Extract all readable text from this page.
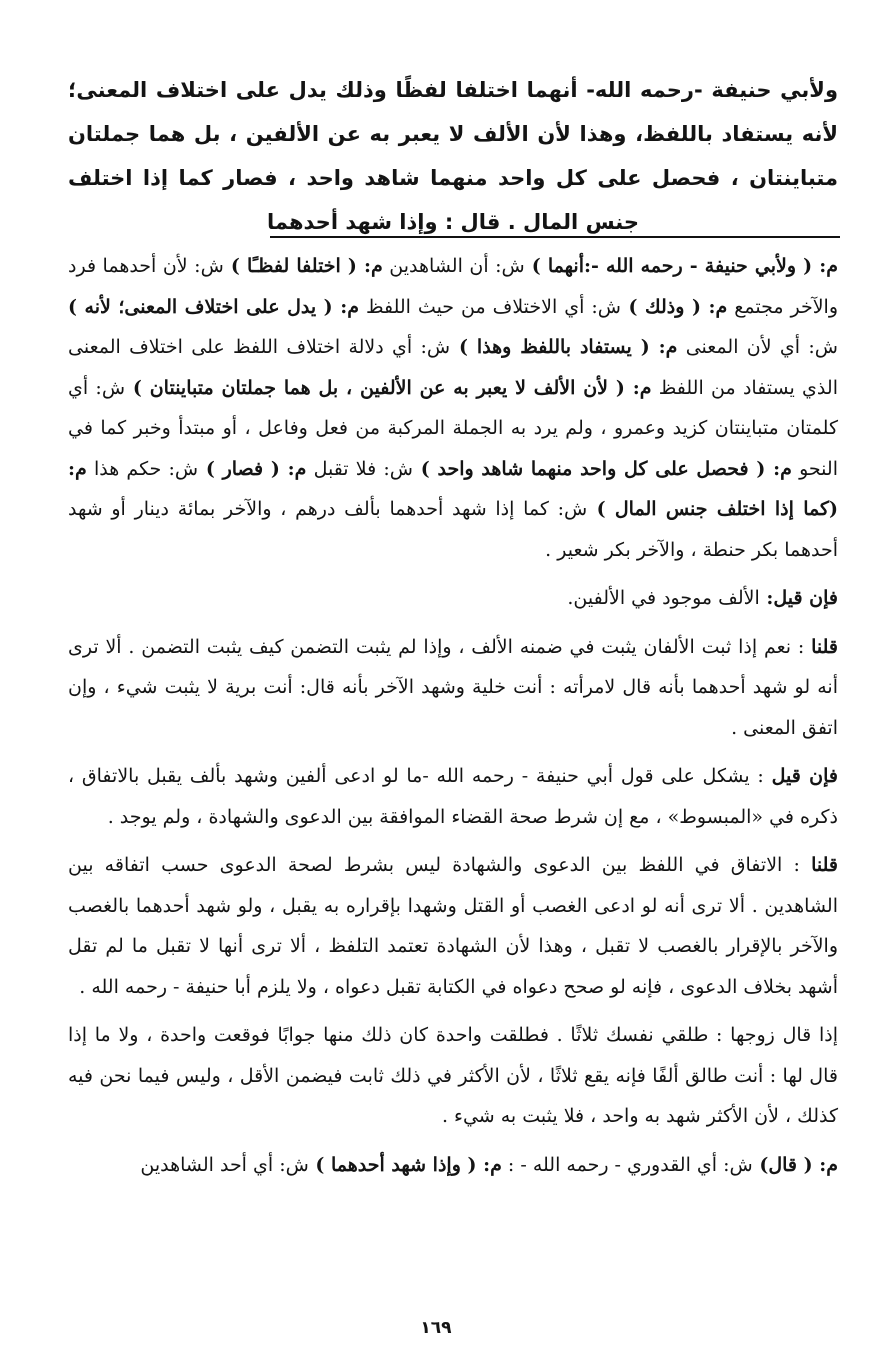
ولأبي حنيفة -رحمه الله- أنهما اختلفا لفظًا وذلك يدل على اختلاف المعنى؛ لأنه يستفاد باللفظ، وهذا لأن الألف لا يعبر به عن الألفين ، بل هما جملتان متباينتان ، فحصل على كل واحد منهما شاهد واحد ، فصار كما إذا اختلف جنس المال . قال : وإذا شهد أحدهما

م: ( ولأبي حنيفة - رحمه الله -:أنهما ) ش: أن الشاهدين م: ( اختلفا لفظـًا ) ش: لأن أحدهما فرد والآخر مجتمع م: ( وذلك ) ش: أي الاختلاف من حيث اللفظ م: ( يدل على اختلاف المعنى؛ لأنه ) ش: أي لأن المعنى م: ( يستفاد باللفظ وهذا ) ش: أي دلالة اختلاف اللفظ على اختلاف المعنى الذي يستفاد من اللفظ م: ( لأن الألف لا يعبر به عن الألفين ، بل هما جملتان متباينتان ) ش: أي كلمتان متباينتان كزيد وعمرو ، ولم يرد به الجملة المركبة من فعل وفاعل ، أو مبتدأ وخبر كما في النحو م: ( فحصل على كل واحد منهما شاهد واحد ) ش: فلا تقبل م: ( فصار ) ش: حكم هذا م: (كما إذا اختلف جنس المال ) ش: كما إذا شهد أحدهما بألف درهم ، والآخر بمائة دينار أو شهد أحدهما بكر حنطة ، والآخر بكر شعير .

فإن قيل: الألف موجود في الألفين.

قلنا : نعم إذا ثبت الألفان يثبت في ضمنه الألف ، وإذا لم يثبت التضمن كيف يثبت التضمن . ألا ترى أنه لو شهد أحدهما بأنه قال لامرأته : أنت خلية وشهد الآخر بأنه قال: أنت برية لا يثبت شيء ، وإن اتفق المعنى .

فإن قيل : يشكل على قول أبي حنيفة - رحمه الله -ما لو ادعى ألفين وشهد بألف يقبل بالاتفاق ، ذكره في «المبسوط» ، مع إن شرط صحة القضاء الموافقة بين الدعوى والشهادة ، ولم يوجد .

قلنا : الاتفاق في اللفظ بين الدعوى والشهادة ليس بشرط لصحة الدعوى حسب اتفاقه بين الشاهدين . ألا ترى أنه لو ادعى الغصب أو القتل وشهدا بإقراره به يقبل ، ولو شهد أحدهما بالغصب والآخر بالإقرار بالغصب لا تقبل ، وهذا لأن الشهادة تعتمد التلفظ ، ألا ترى أنها لا تقبل ما لم تقل أشهد بخلاف الدعوى ، فإنه لو صحح دعواه في الكتابة تقبل دعواه ، ولا يلزم أبا حنيفة - رحمه الله .

إذا قال زوجها : طلقي نفسك ثلاثًا . فطلقت واحدة كان ذلك منها جوابًا فوقعت واحدة ، ولا ما إذا قال لها : أنت طالق ألفًا فإنه يقع ثلاثًا ، لأن الأكثر في ذلك ثابت فيضمن الأقل ، وليس فيما نحن فيه كذلك ، لأن الأكثر شهد به واحد ، فلا يثبت به شيء .

م: ( قال) ش: أي القدوري - رحمه الله - : م: ( وإذا شهد أحدهما ) ش: أي أحد الشاهدين

١٦٩
